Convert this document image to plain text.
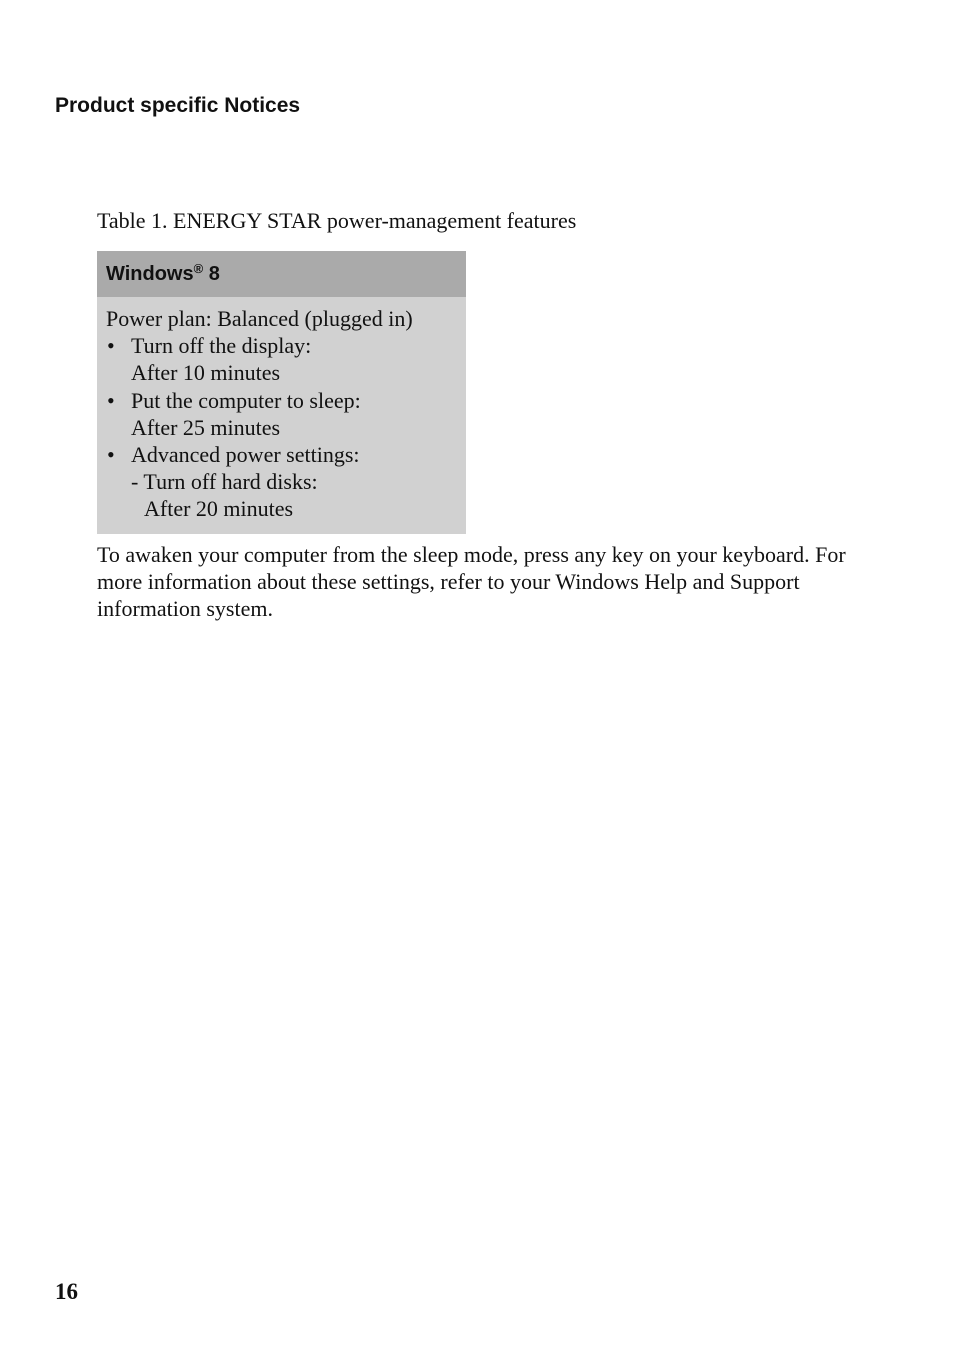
Product specific Notices

Table 1. ENERGY STAR power-management features

Windows® 8

Power plan: Balanced (plugged in)

• Turn off the display:
After 10 minutes
• Put the computer to sleep:
After 25 minutes
• Advanced power settings:
- Turn off hard disks:
After 20 minutes

To awaken your computer from the sleep mode, press any key on your keyboard. For more information about these settings, refer to your Windows Help and Support information system.

16
